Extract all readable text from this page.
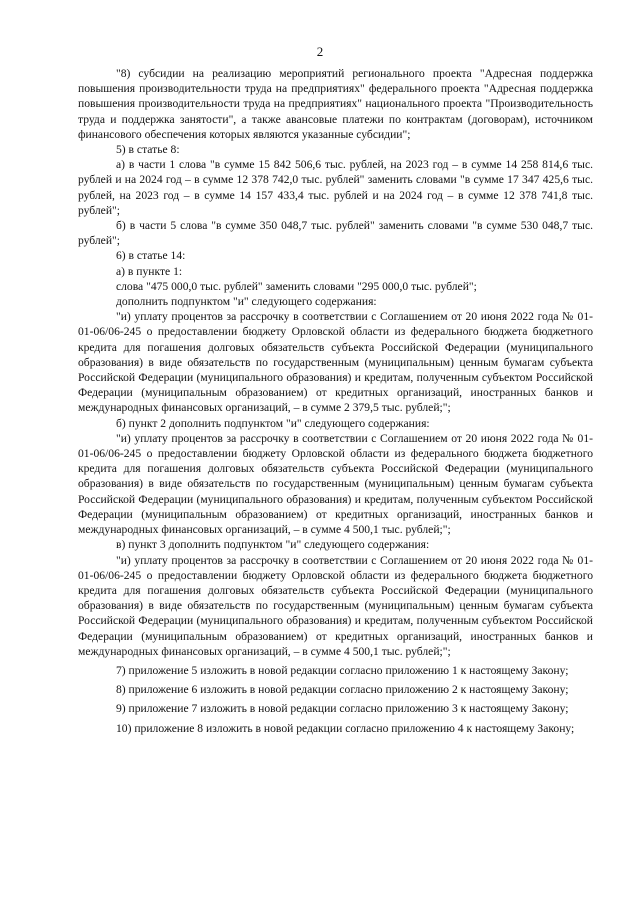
2

"8) субсидии на реализацию мероприятий регионального проекта "Адресная поддержка повышения производительности труда на предприятиях" федерального проекта "Адресная поддержка повышения производительности труда на предприятиях" национального проекта "Производительность труда и поддержка занятости", а также авансовые платежи по контрактам (договорам), источником финансового обеспечения которых являются указанные субсидии";

5) в статье 8:

а) в части 1 слова "в сумме 15 842 506,6 тыс. рублей, на 2023 год – в сумме 14 258 814,6 тыс. рублей и на 2024 год – в сумме 12 378 742,0 тыс. рублей" заменить словами "в сумме 17 347 425,6 тыс. рублей, на 2023 год – в сумме 14 157 433,4 тыс. рублей и на 2024 год – в сумме 12 378 741,8 тыс. рублей";

б) в части 5 слова "в сумме 350 048,7 тыс. рублей" заменить словами "в сумме 530 048,7 тыс. рублей";

6) в статье 14:

а) в пункте 1:

слова "475 000,0 тыс. рублей" заменить словами "295 000,0 тыс. рублей";

дополнить подпунктом "и" следующего содержания:

"и) уплату процентов за рассрочку в соответствии с Соглашением от 20 июня 2022 года № 01-01-06/06-245 о предоставлении бюджету Орловской области из федерального бюджета бюджетного кредита для погашения долговых обязательств субъекта Российской Федерации (муниципального образования) в виде обязательств по государственным (муниципальным) ценным бумагам субъекта Российской Федерации (муниципального образования) и кредитам, полученным субъектом Российской Федерации (муниципальным образованием) от кредитных организаций, иностранных банков и международных финансовых организаций, – в сумме 2 379,5 тыс. рублей;";

б) пункт 2 дополнить подпунктом "и" следующего содержания:

"и) уплату процентов за рассрочку в соответствии с Соглашением от 20 июня 2022 года № 01-01-06/06-245 о предоставлении бюджету Орловской области из федерального бюджета бюджетного кредита для погашения долговых обязательств субъекта Российской Федерации (муниципального образования) в виде обязательств по государственным (муниципальным) ценным бумагам субъекта Российской Федерации (муниципального образования) и кредитам, полученным субъектом Российской Федерации (муниципальным образованием) от кредитных организаций, иностранных банков и международных финансовых организаций, – в сумме 4 500,1 тыс. рублей;";

в) пункт 3 дополнить подпунктом "и" следующего содержания:

"и) уплату процентов за рассрочку в соответствии с Соглашением от 20 июня 2022 года № 01-01-06/06-245 о предоставлении бюджету Орловской области из федерального бюджета бюджетного кредита для погашения долговых обязательств субъекта Российской Федерации (муниципального образования) в виде обязательств по государственным (муниципальным) ценным бумагам субъекта Российской Федерации (муниципального образования) и кредитам, полученным субъектом Российской Федерации (муниципальным образованием) от кредитных организаций, иностранных банков и международных финансовых организаций, – в сумме 4 500,1 тыс. рублей;";

7) приложение 5 изложить в новой редакции согласно приложению 1 к настоящему Закону;

8) приложение 6 изложить в новой редакции согласно приложению 2 к настоящему Закону;

9) приложение 7 изложить в новой редакции согласно приложению 3 к настоящему Закону;

10) приложение 8 изложить в новой редакции согласно приложению 4 к настоящему Закону;
